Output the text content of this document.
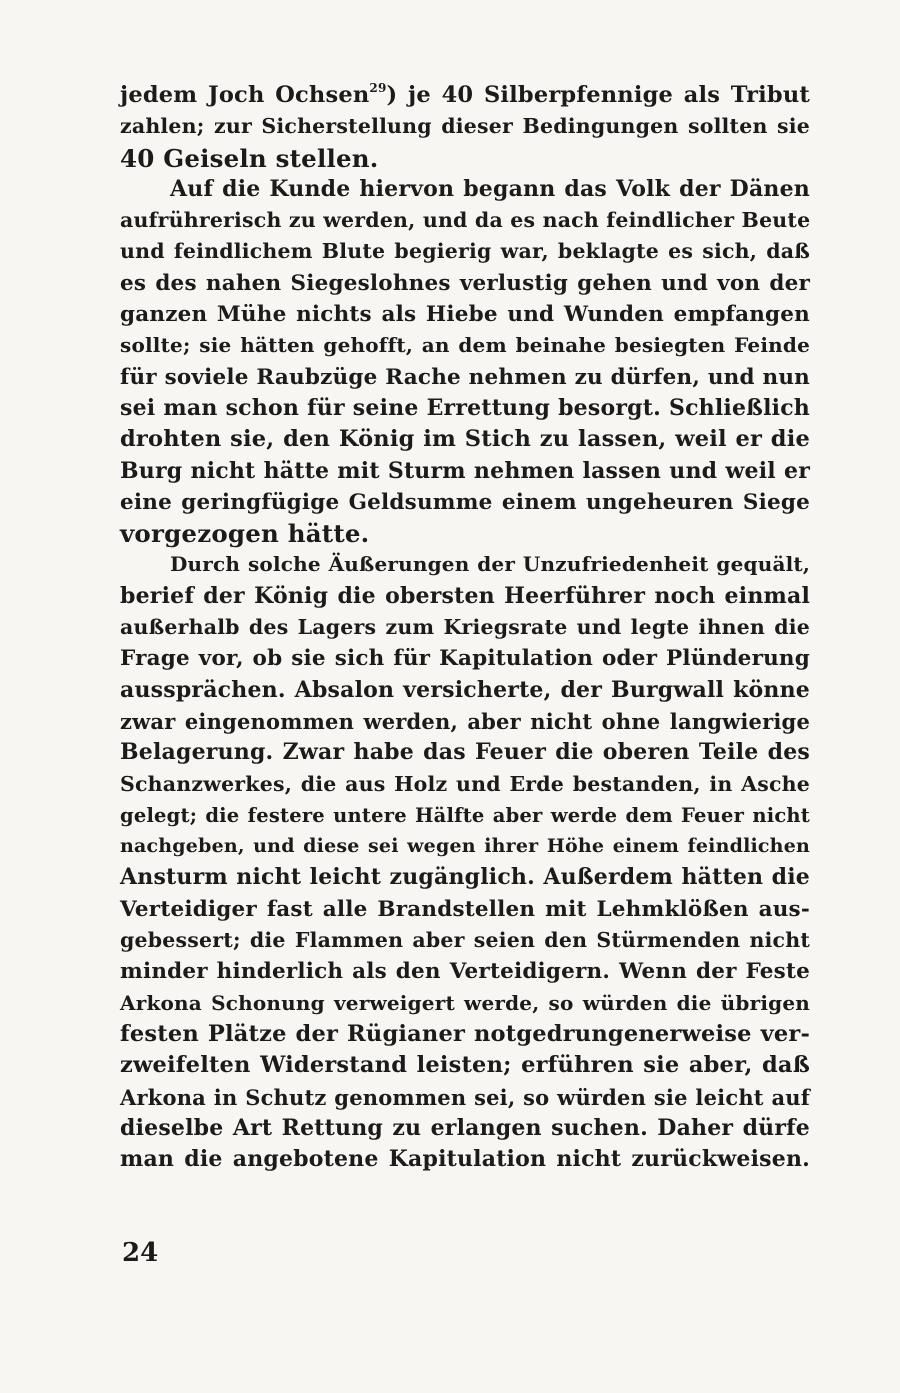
jedem Joch Ochsen$^{29}$) je 40 Silberpfennige als Tribut
zahlen; zur Sicherstellung dieser Bedingungen sollten sie
40 Geiseln stellen.
Auf die Kunde hiervon begann das Volk der Dänen
aufrührerisch zu werden, und da es nach feindlicher Beute
und feindlichem Blute begierig war, beklagte es sich, daß
es des nahen Siegeslohnes verlustig gehen und von der
ganzen Mühe nichts als Hiebe und Wunden empfangen
sollte; sie hätten gehofft, an dem beinahe besiegten Feinde
für soviele Raubzüge Rache nehmen zu dürfen, und nun
sei man schon für seine Errettung besorgt. Schließlich
drohten sie, den König im Stich zu lassen, weil er die
Burg nicht hätte mit Sturm nehmen lassen und weil er
eine geringfügige Geldsumme einem ungeheuren Siege
vorgezogen hätte.
Durch solche Äußerungen der Unzufriedenheit gequält,
berief der König die obersten Heerführer noch einmal
außerhalb des Lagers zum Kriegsrate und legte ihnen die
Frage vor, ob sie sich für Kapitulation oder Plünderung
aussprächen. Absalon versicherte, der Burgwall könne
zwar eingenommen werden, aber nicht ohne langwierige
Belagerung. Zwar habe das Feuer die oberen Teile des
Schanzwerkes, die aus Holz und Erde bestanden, in Asche
gelegt; die festere untere Hälfte aber werde dem Feuer nicht
nachgeben, und diese sei wegen ihrer Höhe einem feindlichen
Ansturm nicht leicht zugänglich. Außerdem hätten die
Verteidiger fast alle Brandstellen mit Lehmklößen aus-
gebessert; die Flammen aber seien den Stürmenden nicht
minder hinderlich als den Verteidigern. Wenn der Feste
Arkona Schonung verweigert werde, so würden die übrigen
festen Plätze der Rügianer notgedrungenerweise ver-
zweifelten Widerstand leisten; erführen sie aber, daß
Arkona in Schutz genommen sei, so würden sie leicht auf
dieselbe Art Rettung zu erlangen suchen. Daher dürfe
man die angebotene Kapitulation nicht zurückweisen.
24
